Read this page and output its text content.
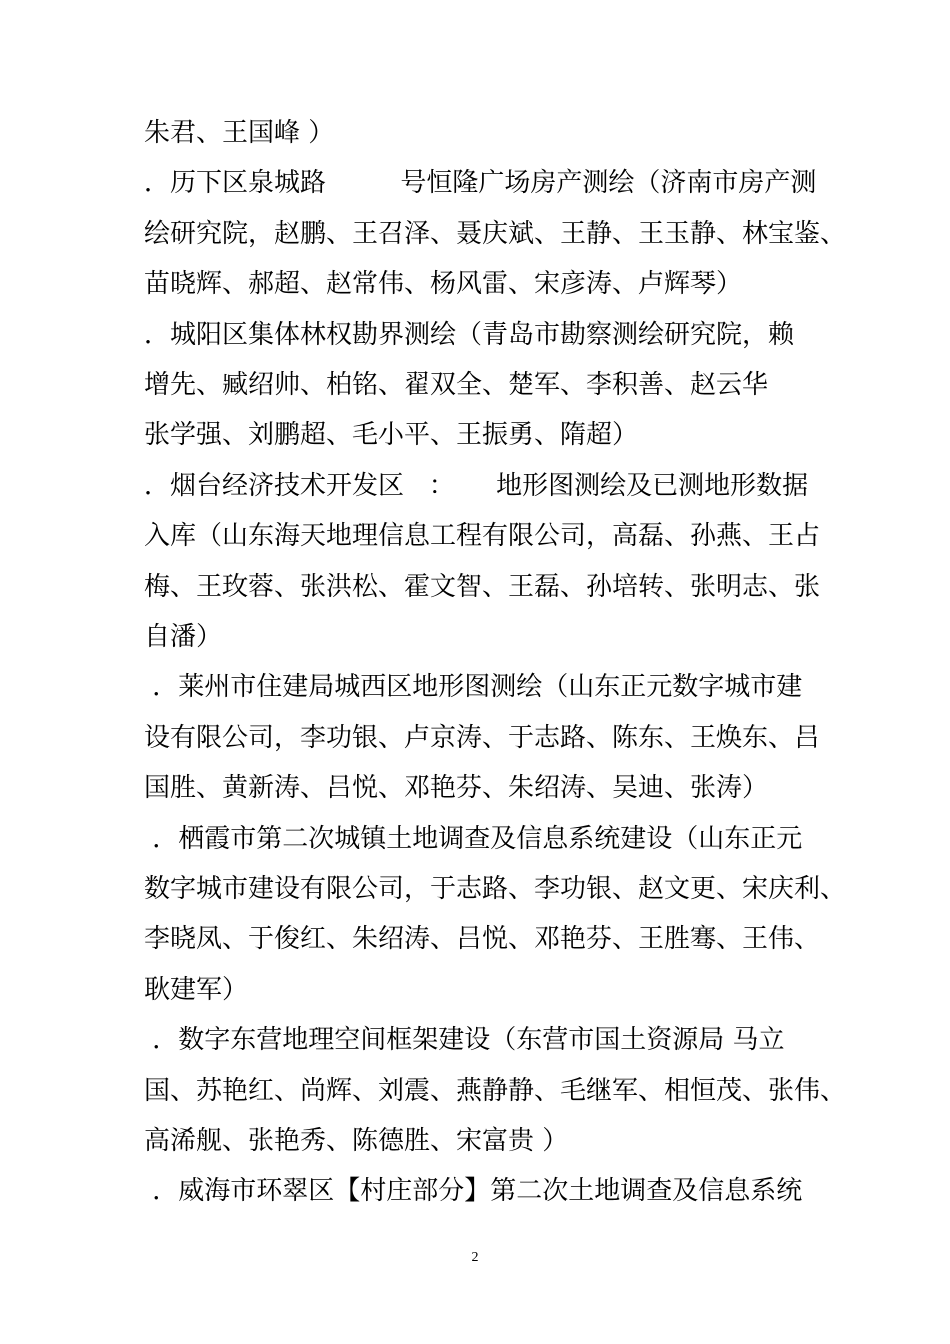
朱君、王国峰 ）
．历下区泉城路         号恒隆广场房产测绘（济南市房产测
绘研究院，赵鹏、王召泽、聂庆斌、王静、王玉静、林宝鉴、
苗晓辉、郝超、赵常伟、杨风雷、宋彦涛、卢辉琴）
．城阳区集体林权勘界测绘（青岛市勘察测绘研究院，赖
增先、臧绍帅、柏铭、翟双全、楚军、李积善、赵云华
张学强、刘鹏超、毛小平、王振勇、隋超）
．烟台经济技术开发区   ：     地形图测绘及已测地形数据
入库（山东海天地理信息工程有限公司，高磊、孙燕、王占
梅、王玫蓉、张洪松、霍文智、王磊、孙培转、张明志、张
自潘）
．莱州市住建局城西区地形图测绘（山东正元数字城市建
设有限公司，李功银、卢京涛、于志路、陈东、王焕东、吕
国胜、黄新涛、吕悦、邓艳芬、朱绍涛、吴迪、张涛）
．栖霞市第二次城镇土地调查及信息系统建设（山东正元
数字城市建设有限公司，于志路、李功银、赵文更、宋庆利、
李晓凤、于俊红、朱绍涛、吕悦、邓艳芬、王胜骞、王伟、
耿建军）
．数字东营地理空间框架建设（东营市国土资源局 马立
国、苏艳红、尚辉、刘震、燕静静、毛继军、相恒茂、张伟、
高浠舰、张艳秀、陈德胜、宋富贵 ）
．威海市环翠区【村庄部分】第二次土地调查及信息系统
2
